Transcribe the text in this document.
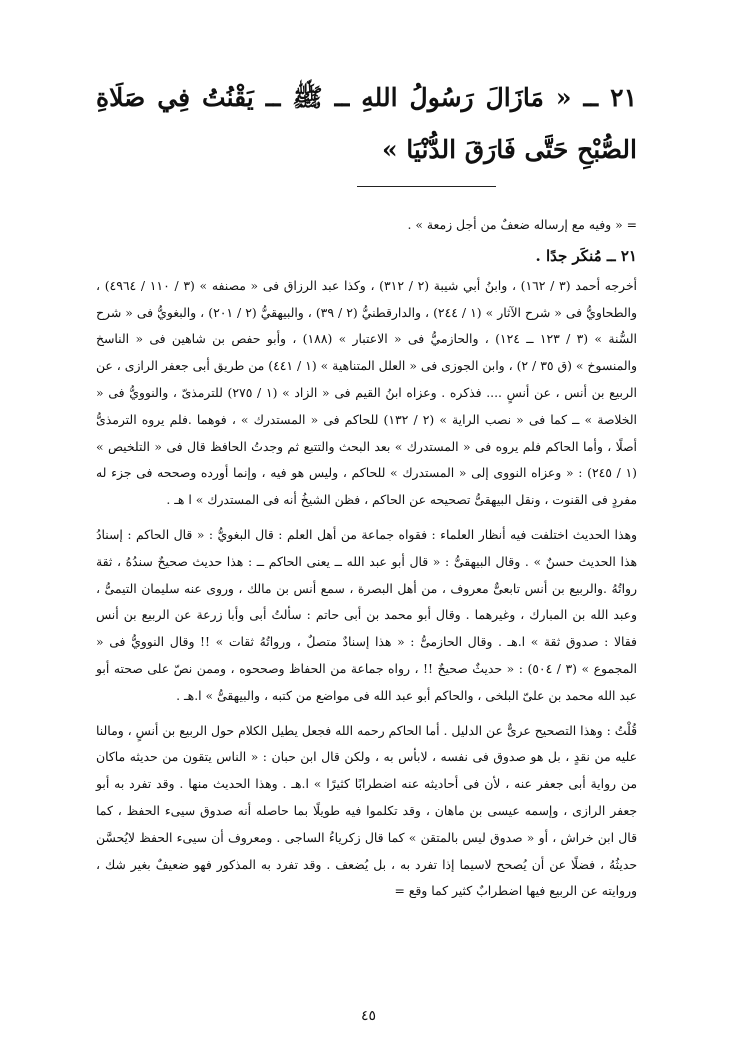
٢١ ــ « مَازَالَ رَسُولُ اللهِ ــ ﷺ ــ يَقْنُتُ فِي صَلَاةِ الصُّبْحِ حَتَّى فَارَقَ الدُّنْيَا »

= « وفيه مع إرساله ضعفٌ من أجل زمعة » .

٢١ ــ مُنكَر جدًا .

أخرجه أحمد (٣ / ١٦٢) ، وابنُ أبي شيبة (٢ / ٣١٢) ، وكذا عبد الرزاق فى « مصنفه » (٣ / ١١٠ / ٤٩٦٤) ، والطحاويُّ فى « شرح الآثار » (١ / ٢٤٤) ، والدارقطنيُّ (٢ / ٣٩) ، والبيهقيُّ (٢ / ٢٠١) ، والبغويُّ فى « شرح السُّنة » (٣ / ١٢٣ ــ ١٢٤) ، والحازميُّ فى « الاعتبار » (١٨٨) ، وأبو حفص بن شاهين فى « الناسخ والمنسوخ » (ق ٣٥ / ٢) ، وابن الجوزى فى « العلل المتناهية » (١ / ٤٤١) من طريق أبى جعفر الرازى ، عن الربيع بن أنس ، عن أنسٍ .... فذكره . وعزاه ابنُ القيم فى « الزاد » (١ / ٢٧٥) للترمذىّ ، والنوويُّ فى « الخلاصة » ــ كما فى « نصب الراية » (٢ / ١٣٢) للحاكم فى « المستدرك » ، فوهما .فلم يروه الترمذىُّ أصلًا ، وأما الحاكم فلم يروه فى « المستدرك » بعد البحث والتتبع ثم وجدتُ الحافظ قال فى « التلخيص » (١ / ٢٤٥) : « وعزاه النووى إلى « المستدرك » للحاكم ، وليس هو فيه ، وإنما أورده وصححه فى جزء له مفردٍ فى القنوت ، ونقل البيهقىُّ تصحيحه عن الحاكم ، فظن الشيخُ أنه فى المستدرك » ا هـ .

وهذا الحديث اختلفت فيه أنظار العلماء : فقواه جماعة من أهل العلم : قال البغويُّ : « قال الحاكم : إسنادُ هذا الحديث حسنٌ » . وقال البيهقىُّ : « قال أبو عبد الله ــ يعنى الحاكم ــ : هذا حديث صحيحٌ سندُهُ ، ثقة رواتُهُ .والربيع بن أنس تابعىٌّ معروف ، من أهل البصرة ، سمع أنس بن مالك ، وروى عنه سليمان التيمىُّ ، وعبد الله بن المبارك ، وغيرهما . وقال أبو محمد بن أبى حاتم : سألتُ أبى وأبا زرعة عن الربيع بن أنس فقالا : صدوق ثقة » ا.هـ . وقال الحازمىُّ : « هذا إسنادٌ متصلٌ ، ورواتُهُ ثقات » !! وقال النوويُّ فى « المجموع » (٣ / ٥٠٤) : « حديثٌ صحيحٌ !! ، رواه جماعة من الحفاظ وصححوه ، وممن نصّ على صحته أبو عبد الله محمد بن علىّ البلخى ، والحاكم أبو عبد الله فى مواضع من كتبه ، والبيهقىُّ » ا.هـ .

قُلْتُ : وهذا التصحيح عرىٌّ عن الدليل . أما الحاكم رحمه الله فجعل يطيل الكلام حول الربيع بن أنسٍ ، ومالنا عليه من نقدٍ ، بل هو صدوق فى نفسه ، لابأس به ، ولكن قال ابن حبان : « الناس يتقون من حديثه ماكان من رواية أبى جعفر عنه ، لأن فى أحاديثه عنه اضطرابًا كثيرًا » ا.هـ . وهذا الحديث منها . وقد تفرد به أبو جعفر الرازى ، وإسمه عيسى بن ماهان ، وقد تكلموا فيه طويلًا بما حاصله أنه صدوق سيىء الحفظ ، كما قال ابن خراش ، أو « صدوق ليس بالمتقن » كما قال زكرياءُ الساجى . ومعروف أن سيىء الحفظ لايُحسَّن حديثُهُ ، فضلًا عن أن يُصحح لاسيما إذا تفرد به ، بل يُضعف . وقد تفرد به المذكور فهو ضعيفٌ بغير شك ، وروايته عن الربيع فيها اضطرابٌ كثير كما وقع =

٤٥
